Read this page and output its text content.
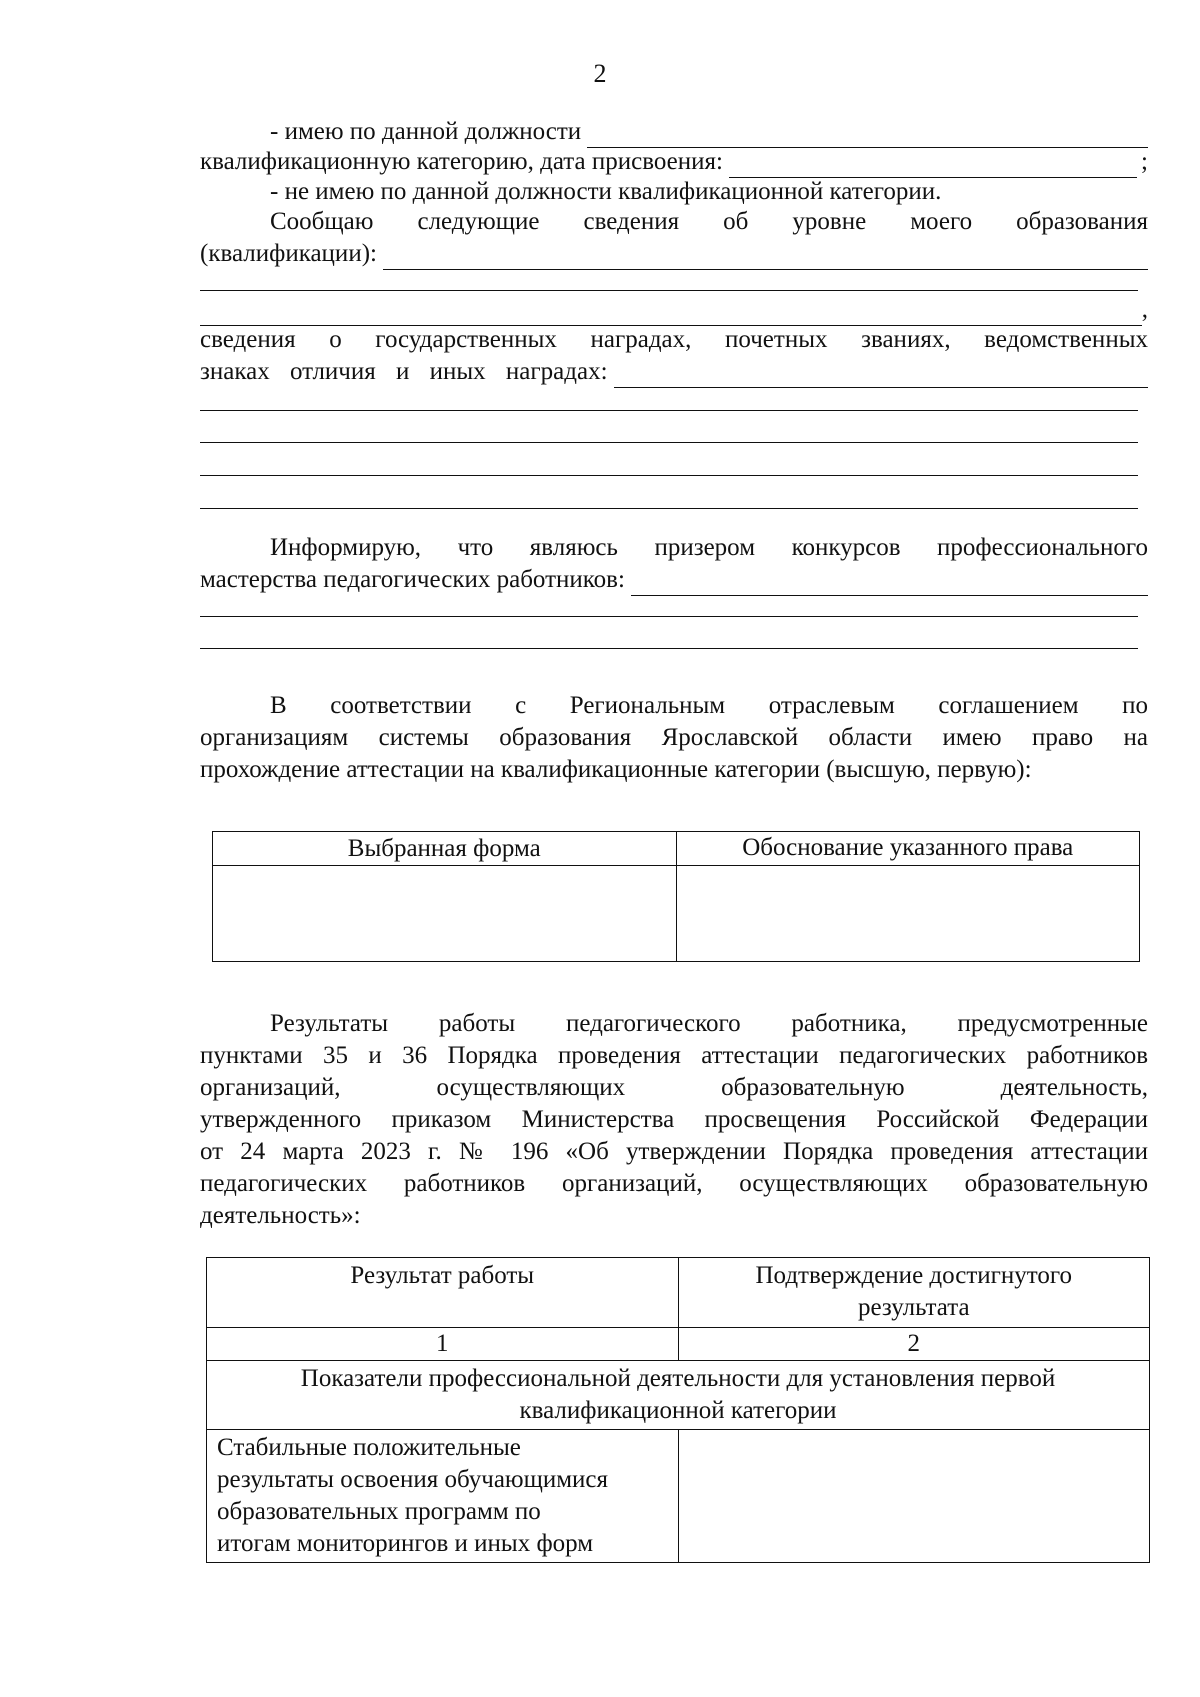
2
- имею по данной должности
квалификационную категорию, дата присвоения:	;
- не имею по данной должности квалификационной категории.
Сообщаю следующие сведения об уровне моего образования
(квалификации):
,
сведения о государственных наградах, почетных званиях, ведомственных
знаках отличия и иных наградах:
Информирую, что являюсь призером конкурсов профессионального
мастерства педагогических работников:
В соответствии с Региональным отраслевым соглашением по
организациям системы образования Ярославской области имею право на
прохождение аттестации на квалификационные категории (высшую, первую):
Выбранная форма	Обоснование указанного права

Результаты работы педагогического работника, предусмотренные
пунктами 35 и 36 Порядка проведения аттестации педагогических работников
организаций, осуществляющих образовательную деятельность,
утвержденного приказом Министерства просвещения Российской Федерации
от 24 марта 2023 г. № 196 «Об утверждении Порядка проведения аттестации
педагогических работников организаций, осуществляющих образовательную
деятельность»:
Результат работы	Подтверждение достигнутого
результата

1	2

Показатели профессиональной деятельности для установления первой
квалификационной категории	

Стабильные положительные
результаты освоения обучающимися
образовательных программ по
итогам мониторингов и иных форм	
